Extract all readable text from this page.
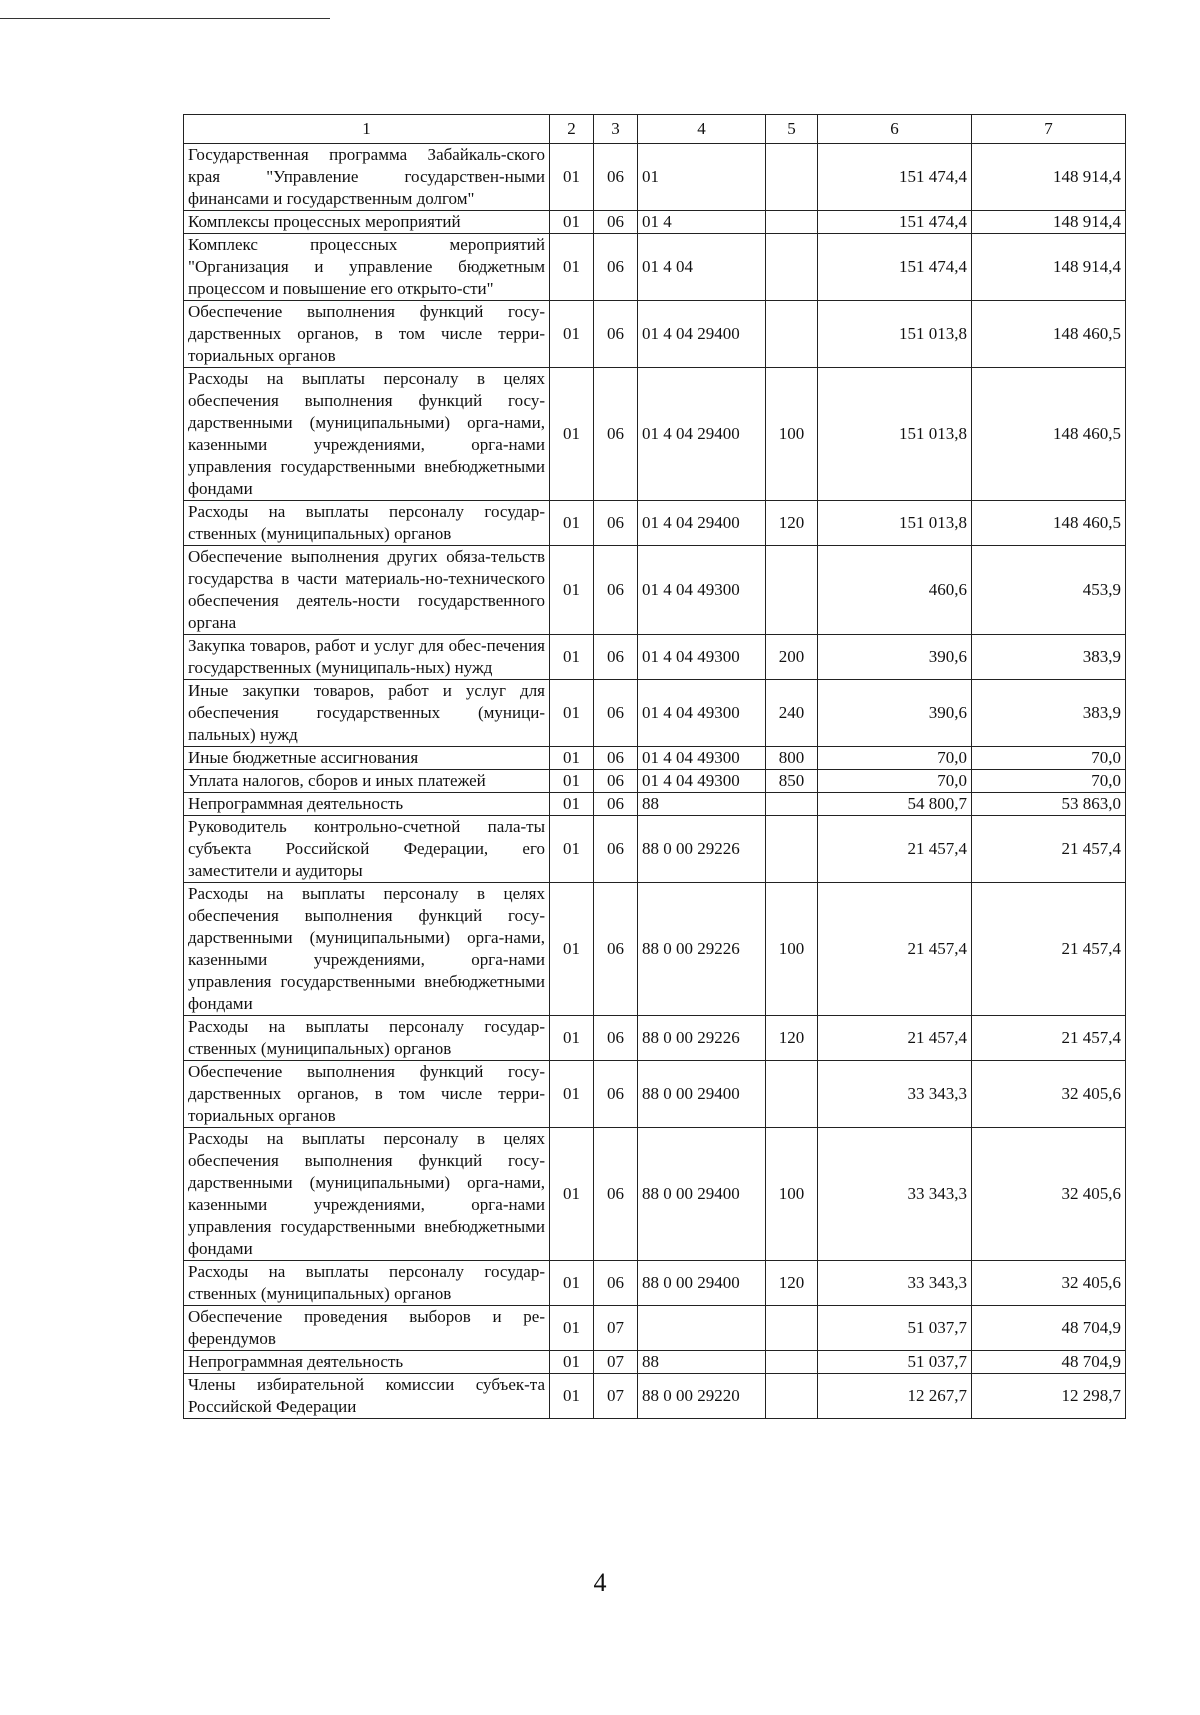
1	2	3	4	5	6	7
Государственная программа Забайкаль-ского края "Управление государствен-ными финансами и государственным долгом"	01	06	01		151 474,4	148 914,4
Комплексы процессных мероприятий	01	06	01 4		151 474,4	148 914,4
Комплекс процессных мероприятий "Организация и управление бюджетным процессом и повышение его открыто-сти"	01	06	01 4 04		151 474,4	148 914,4
Обеспечение выполнения функций госу-дарственных органов, в том числе терри-ториальных органов	01	06	01 4 04 29400		151 013,8	148 460,5
Расходы на выплаты персоналу в целях обеспечения выполнения функций госу-дарственными (муниципальными) орга-нами, казенными учреждениями, орга-нами управления государственными внебюджетными фондами	01	06	01 4 04 29400	100	151 013,8	148 460,5
Расходы на выплаты персоналу государ-ственных (муниципальных) органов	01	06	01 4 04 29400	120	151 013,8	148 460,5
Обеспечение выполнения других обяза-тельств государства в части материаль-но-технического обеспечения деятель-ности государственного органа	01	06	01 4 04 49300		460,6	453,9
Закупка товаров, работ и услуг для обес-печения государственных (муниципаль-ных) нужд	01	06	01 4 04 49300	200	390,6	383,9
Иные закупки товаров, работ и услуг для обеспечения государственных (муници-пальных) нужд	01	06	01 4 04 49300	240	390,6	383,9
Иные бюджетные ассигнования	01	06	01 4 04 49300	800	70,0	70,0
Уплата налогов, сборов и иных платежей	01	06	01 4 04 49300	850	70,0	70,0
Непрограммная деятельность	01	06	88		54 800,7	53 863,0
Руководитель контрольно-счетной пала-ты субъекта Российской Федерации, его заместители и аудиторы	01	06	88 0 00 29226		21 457,4	21 457,4
Расходы на выплаты персоналу в целях обеспечения выполнения функций госу-дарственными (муниципальными) орга-нами, казенными учреждениями, орга-нами управления государственными внебюджетными фондами	01	06	88 0 00 29226	100	21 457,4	21 457,4
Расходы на выплаты персоналу государ-ственных (муниципальных) органов	01	06	88 0 00 29226	120	21 457,4	21 457,4
Обеспечение выполнения функций госу-дарственных органов, в том числе терри-ториальных органов	01	06	88 0 00 29400		33 343,3	32 405,6
Расходы на выплаты персоналу в целях обеспечения выполнения функций госу-дарственными (муниципальными) орга-нами, казенными учреждениями, орга-нами управления государственными внебюджетными фондами	01	06	88 0 00 29400	100	33 343,3	32 405,6
Расходы на выплаты персоналу государ-ственных (муниципальных) органов	01	06	88 0 00 29400	120	33 343,3	32 405,6
Обеспечение проведения выборов и ре-ферендумов	01	07			51 037,7	48 704,9
Непрограммная деятельность	01	07	88		51 037,7	48 704,9
Члены избирательной комиссии субъек-та Российской Федерации	01	07	88 0 00 29220		12 267,7	12 298,7
4
